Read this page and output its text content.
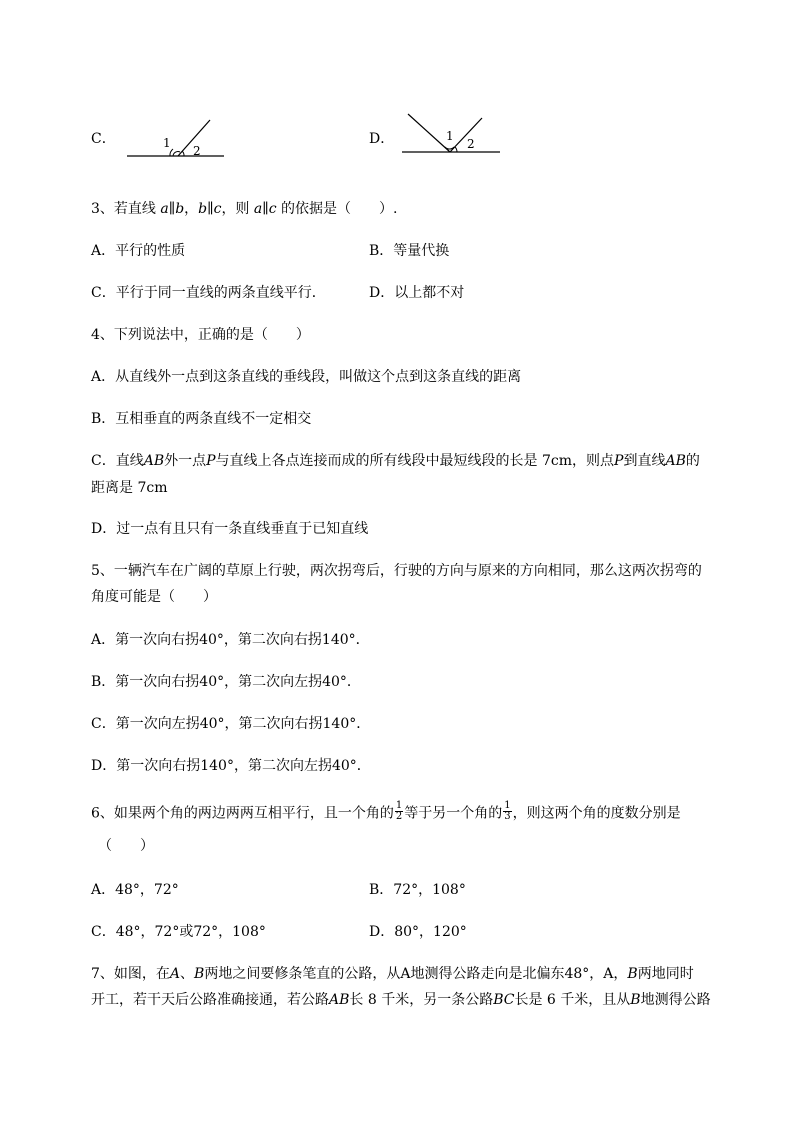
C．	1
2
D．	1
2
3、若直线 a∥b，b∥c，则 a∥c 的依据是（　　）.
A．平行的性质	B．等量代换
C．平行于同一直线的两条直线平行．	D．以上都不对
4、下列说法中，正确的是（　　）
A．从直线外一点到这条直线的垂线段，叫做这个点到这条直线的距离
B．互相垂直的两条直线不一定相交
C．直线AB外一点P与直线上各点连接而成的所有线段中最短线段的长是 7cm，则点P到直线AB的
距离是 7cm
D．过一点有且只有一条直线垂直于已知直线
5、一辆汽车在广阔的草原上行驶，两次拐弯后，行驶的方向与原来的方向相同，那么这两次拐弯的
角度可能是（　　）
A．第一次向右拐40°，第二次向右拐140°．
B．第一次向右拐40°，第二次向左拐40°．
C．第一次向左拐40°，第二次向右拐140°．
D．第一次向右拐140°，第二次向左拐40°．
6、如果两个角的两边两两互相平行，且一个角的 $\frac{1}{2}$ 等于另一个角的 $\frac{1}{3}$ ，则这两个角的度数分别是
（　　）
A．48°，72°	B．72°，108°
C．48°，72°或72°，108°	D．80°，120°
7、如图，在A、B两地之间要修条笔直的公路，从A地测得公路走向是北偏东48°，A，B两地同时
开工，若干天后公路准确接通，若公路AB长 8 千米，另一条公路BC长是 6 千米，且从B地测得公路
